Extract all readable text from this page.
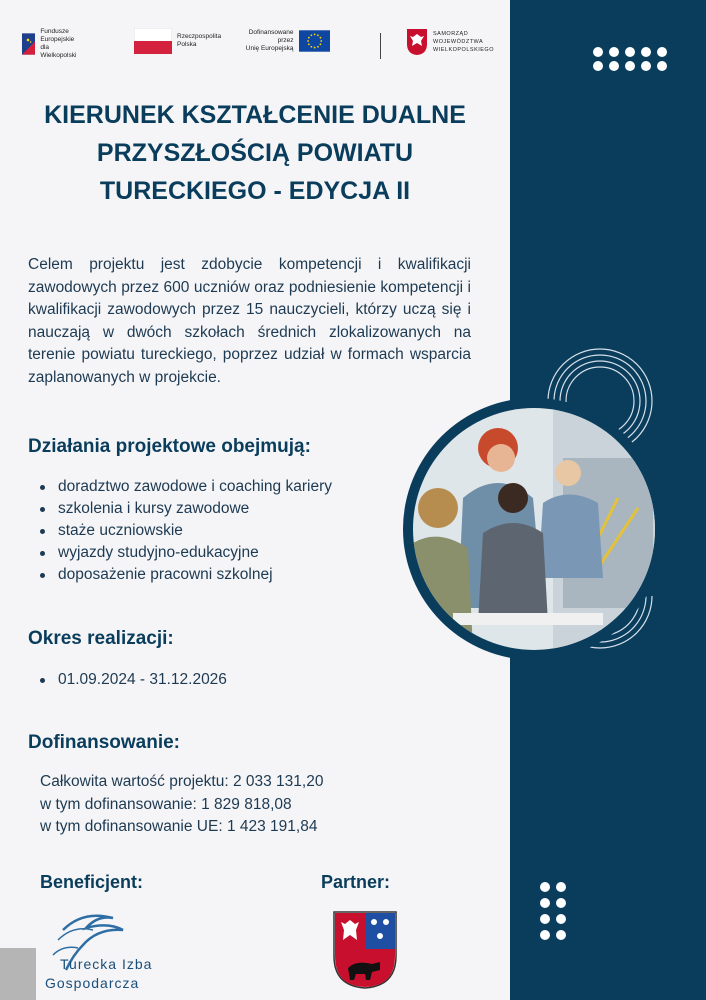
Fundusze Europejskie
dla Wielkopolski
Rzeczpospolita
Polska
Dofinansowane przez
Unię Europejską
SAMORZĄD
WOJEWÓDZTWA
WIELKOPOLSKIEGO
KIERUNEK KSZTAŁCENIE DUALNE PRZYSZŁOŚCIĄ POWIATU TURECKIEGO - EDYCJA II
Celem projektu jest zdobycie kompetencji i kwalifikacji zawodowych przez 600 uczniów oraz podniesienie kompetencji i kwalifikacji zawodowych przez 15 nauczycieli, którzy uczą się i nauczają w dwóch szkołach średnich zlokalizowanych na terenie powiatu tureckiego, poprzez udział w formach wsparcia zaplanowanych w projekcie.
Działania projektowe obejmują:
doradztwo zawodowe i coaching kariery
szkolenia i kursy zawodowe
staże uczniowskie
wyjazdy studyjno-edukacyjne
doposażenie pracowni szkolnej
Okres realizacji:
01.09.2024 - 31.12.2026
Dofinansowanie:
Całkowita wartość projektu: 2 033 131,20
w tym dofinansowanie: 1 829 818,08
w tym dofinansowanie UE: 1 423 191,84
Beneficjent:	Partner:
Turecka Izba
Gospodarcza
